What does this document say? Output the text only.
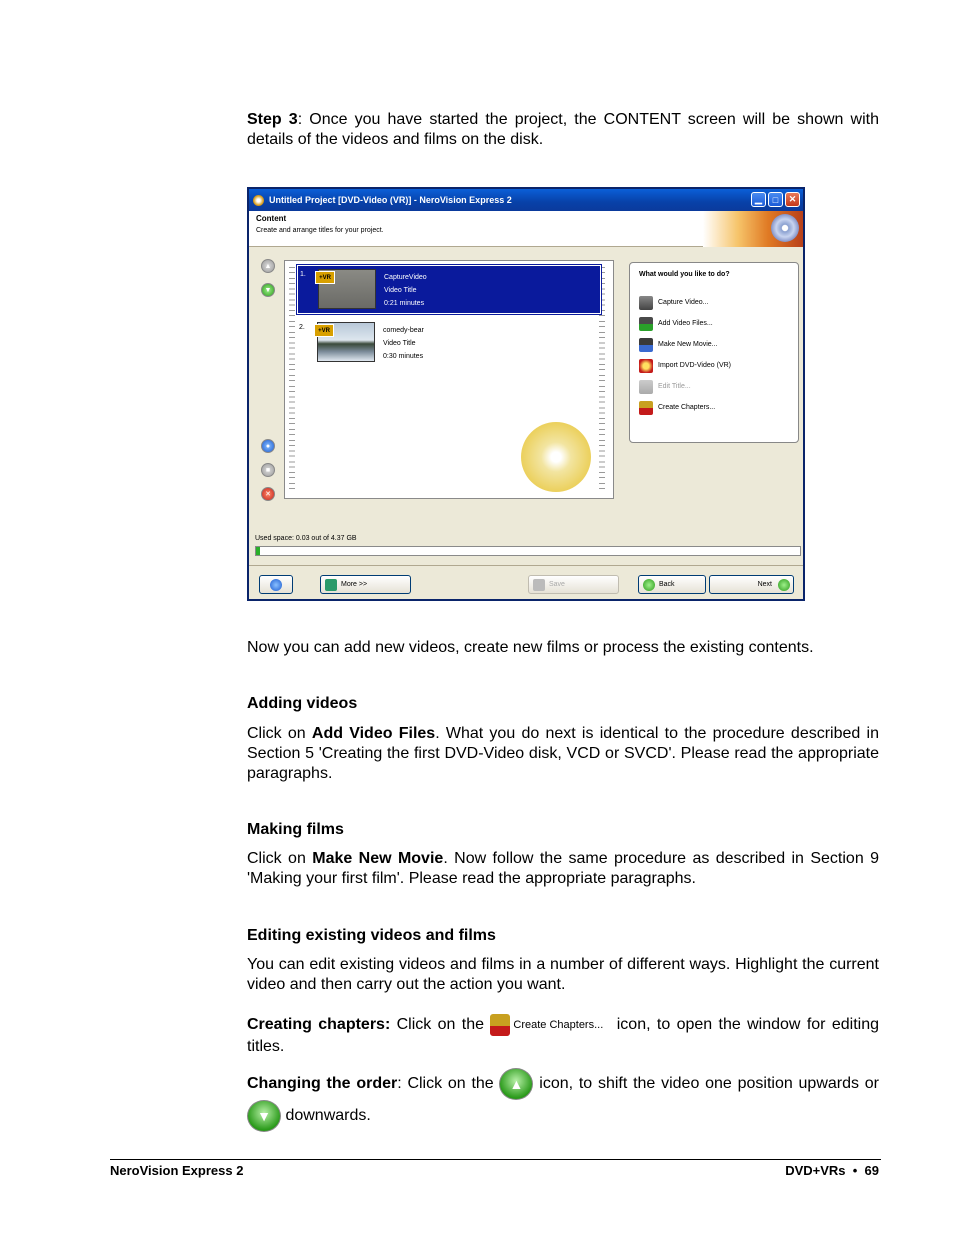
Step 3: Once you have started the project, the CONTENT screen will be shown with details of the videos and films on the disk.
Untitled Project [DVD-Video (VR)] - NeroVision Express 2	▁	□	✕
Content
Create and arrange titles for your project.
▲
▼
●
■
✕
1.	+VR	CaptureVideo
Video Title
0:21 minutes
2.	+VR	comedy-bear
Video Title
0:30 minutes
What would you like to do?
Capture Video...
Add Video Files...
Make New Movie...
Import DVD-Video (VR)
Edit Title...
Create Chapters...
Used space: 0.03 out of 4.37 GB
More >>	Save	Back	Next
Now you can add new videos, create new films or process the existing contents.
Adding videos
Click on Add Video Files. What you do next is identical to the procedure described in Section 5 'Creating the first DVD-Video disk, VCD or SVCD'. Please read the appropriate paragraphs.
Making films
Click on Make New Movie. Now follow the same procedure as described in Section 9 'Making your first film'. Please read the appropriate paragraphs.
Editing existing videos and films
You can edit existing videos and films in a number of different ways. Highlight the current video and then carry out the action you want.
Creating chapters: Click on the Create Chapters... icon, to open the window for editing titles.
Changing the order: Click on the ▲ icon, to shift the video one position upwards or ▼ downwards.
NeroVision Express 2	DVD+VRs  •  69
